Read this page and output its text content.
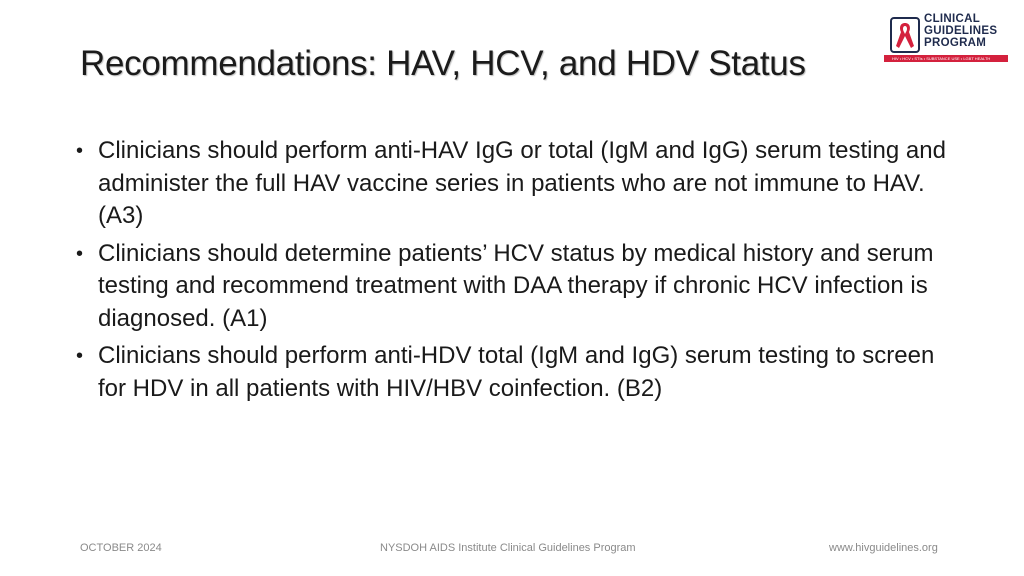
Recommendations: HAV, HCV, and HDV Status
CLINICAL
GUIDELINES
PROGRAM
HIV • HCV • STIs • SUBSTANCE USE • LGBT HEALTH
• Clinicians should perform anti-HAV IgG or total (IgM and IgG) serum testing and administer the full HAV vaccine series in patients who are not immune to HAV. (A3)
• Clinicians should determine patients’ HCV status by medical history and serum testing and recommend treatment with DAA therapy if chronic HCV infection is diagnosed. (A1)
• Clinicians should perform anti-HDV total (IgM and IgG) serum testing to screen for HDV in all patients with HIV/HBV coinfection. (B2)
OCTOBER 2024	NYSDOH AIDS Institute Clinical Guidelines Program	www.hivguidelines.org
